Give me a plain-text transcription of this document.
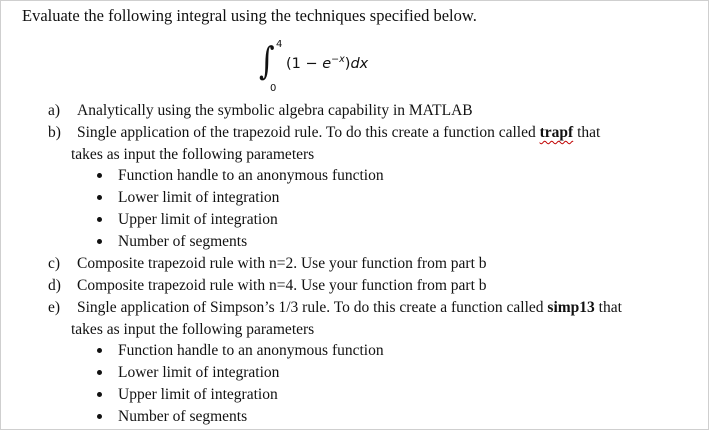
Evaluate the following integral using the techniques specified below.
∫ 4
0
$(1 - e^{-x})dx$
a) Analytically using the symbolic algebra capability in MATLAB
b) Single application of the trapezoid rule. To do this create a function called trapf that
takes as input the following parameters
Function handle to an anonymous function
Lower limit of integration
Upper limit of integration
Number of segments
c) Composite trapezoid rule with n=2. Use your function from part b
d) Composite trapezoid rule with n=4. Use your function from part b
e) Single application of Simpson’s 1/3 rule. To do this create a function called simp13 that
takes as input the following parameters
Function handle to an anonymous function
Lower limit of integration
Upper limit of integration
Number of segments
